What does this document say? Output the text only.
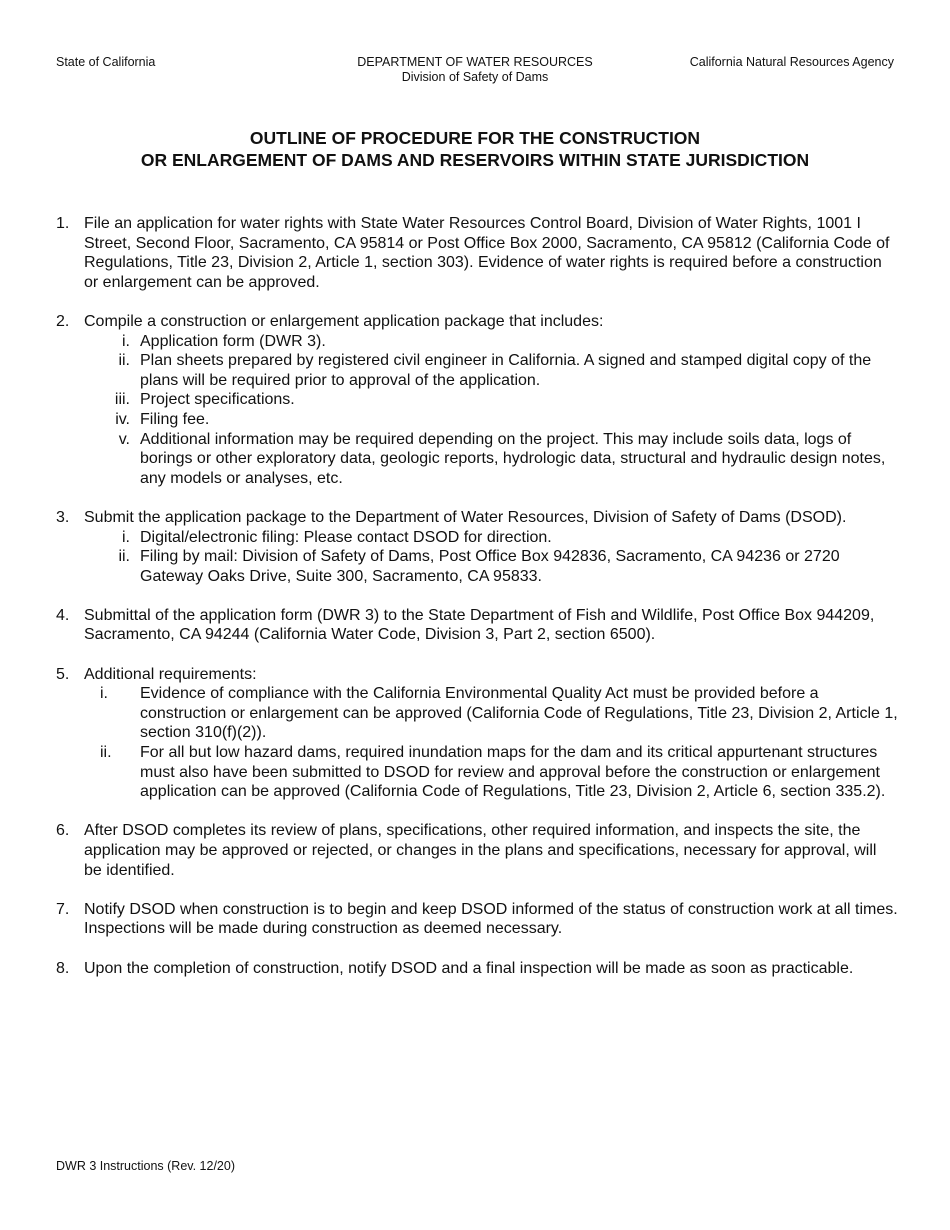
State of California	DEPARTMENT OF WATER RESOURCES
Division of Safety of Dams
California Natural Resources Agency
OUTLINE OF PROCEDURE FOR THE CONSTRUCTION
OR ENLARGEMENT OF DAMS AND RESERVOIRS WITHIN STATE JURISDICTION
1. File an application for water rights with State Water Resources Control Board, Division of Water Rights, 1001 I Street, Second Floor, Sacramento, CA 95814 or Post Office Box 2000, Sacramento, CA 95812 (California Code of Regulations, Title 23, Division 2, Article 1, section 303). Evidence of water rights is required before a construction or enlargement can be approved.
2. Compile a construction or enlargement application package that includes:
i. Application form (DWR 3).
ii. Plan sheets prepared by registered civil engineer in California. A signed and stamped digital copy of the plans will be required prior to approval of the application.
iii. Project specifications.
iv. Filing fee.
v. Additional information may be required depending on the project. This may include soils data, logs of borings or other exploratory data, geologic reports, hydrologic data, structural and hydraulic design notes, any models or analyses, etc.
3. Submit the application package to the Department of Water Resources, Division of Safety of Dams (DSOD).
i. Digital/electronic filing: Please contact DSOD for direction.
ii. Filing by mail: Division of Safety of Dams, Post Office Box 942836, Sacramento, CA 94236 or 2720 Gateway Oaks Drive, Suite 300, Sacramento, CA 95833.
4. Submittal of the application form (DWR 3) to the State Department of Fish and Wildlife, Post Office Box 944209, Sacramento, CA 94244 (California Water Code, Division 3, Part 2, section 6500).
5. Additional requirements:
i.	Evidence of compliance with the California Environmental Quality Act must be provided before a construction or enlargement can be approved (California Code of Regulations, Title 23, Division 2, Article 1, section 310(f)(2)).
ii.	For all but low hazard dams, required inundation maps for the dam and its critical appurtenant structures must also have been submitted to DSOD for review and approval before the construction or enlargement application can be approved (California Code of Regulations, Title 23, Division 2, Article 6, section 335.2).
6. After DSOD completes its review of plans, specifications, other required information, and inspects the site, the application may be approved or rejected, or changes in the plans and specifications, necessary for approval, will be identified.
7. Notify DSOD when construction is to begin and keep DSOD informed of the status of construction work at all times. Inspections will be made during construction as deemed necessary.
8. Upon the completion of construction, notify DSOD and a final inspection will be made as soon as practicable.
DWR 3 Instructions (Rev. 12/20)
